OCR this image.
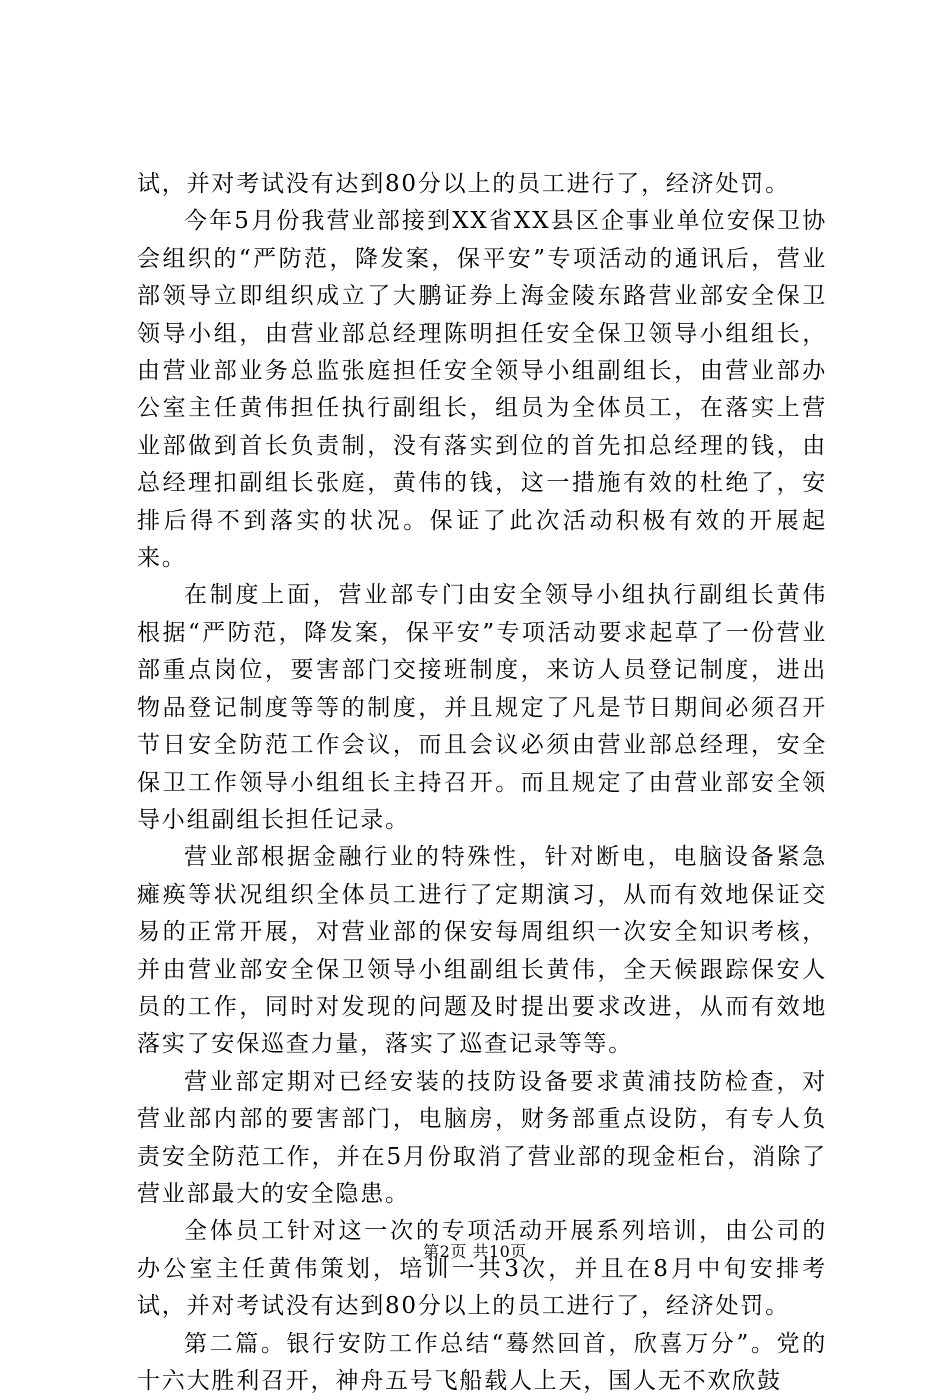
试，并对考试没有达到80分以上的员工进行了，经济处罚。

今年5月份我营业部接到XX省XX县区企事业单位安保卫协会组织的“严防范，降发案，保平安”专项活动的通讯后，营业部领导立即组织成立了大鹏证券上海金陵东路营业部安全保卫领导小组，由营业部总经理陈明担任安全保卫领导小组组长，由营业部业务总监张庭担任安全领导小组副组长，由营业部办公室主任黄伟担任执行副组长，组员为全体员工，在落实上营业部做到首长负责制，没有落实到位的首先扣总经理的钱，由总经理扣副组长张庭，黄伟的钱，这一措施有效的杜绝了，安排后得不到落实的状况。保证了此次活动积极有效的开展起来。

在制度上面，营业部专门由安全领导小组执行副组长黄伟根据“严防范，降发案，保平安”专项活动要求起草了一份营业部重点岗位，要害部门交接班制度，来访人员登记制度，进出物品登记制度等等的制度，并且规定了凡是节日期间必须召开节日安全防范工作会议，而且会议必须由营业部总经理，安全保卫工作领导小组组长主持召开。而且规定了由营业部安全领导小组副组长担任记录。

营业部根据金融行业的特殊性，针对断电，电脑设备紧急瘫痪等状况组织全体员工进行了定期演习，从而有效地保证交易的正常开展，对营业部的保安每周组织一次安全知识考核，并由营业部安全保卫领导小组副组长黄伟，全天候跟踪保安人员的工作，同时对发现的问题及时提出要求改进，从而有效地落实了安保巡查力量，落实了巡查记录等等。

营业部定期对已经安装的技防设备要求黄浦技防检查，对营业部内部的要害部门，电脑房，财务部重点设防，有专人负责安全防范工作，并在5月份取消了营业部的现金柜台，消除了营业部最大的安全隐患。

全体员工针对这一次的专项活动开展系列培训，由公司的办公室主任黄伟策划，培训一共3次，并且在8月中旬安排考试，并对考试没有达到80分以上的员工进行了，经济处罚。

第二篇。银行安防工作总结“蓦然回首，欣喜万分”。党的十六大胜利召开，神舟五号飞船载人上天，国人无不欢欣鼓

第2页 共10页
